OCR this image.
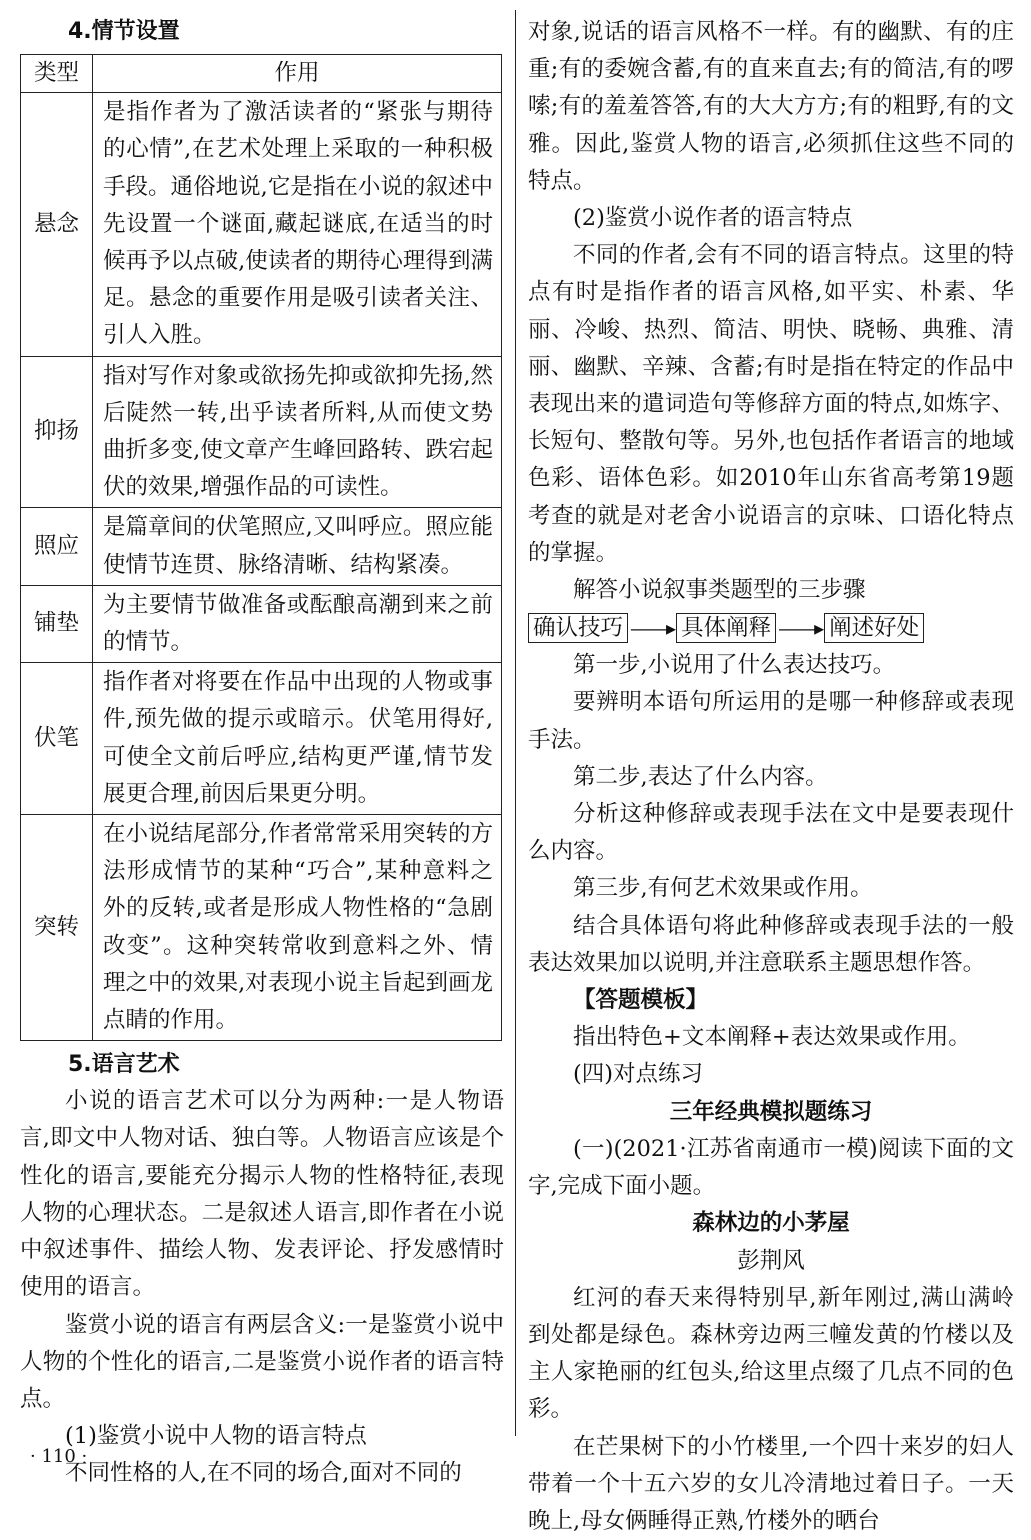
4.情节设置

类型	作用
悬念	是指作者为了激活读者的“紧张与期待的心情”,在艺术处理上采取的一种积极手段。通俗地说,它是指在小说的叙述中先设置一个谜面,藏起谜底,在适当的时候再予以点破,使读者的期待心理得到满足。悬念的重要作用是吸引读者关注、引人入胜。
抑扬	指对写作对象或欲扬先抑或欲抑先扬,然后陡然一转,出乎读者所料,从而使文势曲折多变,使文章产生峰回路转、跌宕起伏的效果,增强作品的可读性。
照应	是篇章间的伏笔照应,又叫呼应。照应能使情节连贯、脉络清晰、结构紧凑。
铺垫	为主要情节做准备或酝酿高潮到来之前的情节。
伏笔	指作者对将要在作品中出现的人物或事件,预先做的提示或暗示。伏笔用得好,可使全文前后呼应,结构更严谨,情节发展更合理,前因后果更分明。
突转	在小说结尾部分,作者常常采用突转的方法形成情节的某种“巧合”,某种意料之外的反转,或者是形成人物性格的“急剧改变”。这种突转常收到意料之外、情理之中的效果,对表现小说主旨起到画龙点睛的作用。

5.语言艺术

小说的语言艺术可以分为两种:一是人物语言,即文中人物对话、独白等。人物语言应该是个性化的语言,要能充分揭示人物的性格特征,表现人物的心理状态。二是叙述人语言,即作者在小说中叙述事件、描绘人物、发表评论、抒发感情时使用的语言。

鉴赏小说的语言有两层含义:一是鉴赏小说中人物的个性化的语言,二是鉴赏小说作者的语言特点。

(1)鉴赏小说中人物的语言特点

不同性格的人,在不同的场合,面对不同的

对象,说话的语言风格不一样。有的幽默、有的庄重;有的委婉含蓄,有的直来直去;有的简洁,有的啰嗦;有的羞羞答答,有的大大方方;有的粗野,有的文雅。因此,鉴赏人物的语言,必须抓住这些不同的特点。

(2)鉴赏小说作者的语言特点

不同的作者,会有不同的语言特点。这里的特点有时是指作者的语言风格,如平实、朴素、华丽、冷峻、热烈、简洁、明快、晓畅、典雅、清丽、幽默、辛辣、含蓄;有时是指在特定的作品中表现出来的遣词造句等修辞方面的特点,如炼字、长短句、整散句等。另外,也包括作者语言的地域色彩、语体色彩。如2010年山东省高考第19题考查的就是对老舍小说语言的京味、口语化特点的掌握。

解答小说叙事类题型的三步骤

确认技巧 ——▸ 具体阐释 ——▸ 阐述好处

第一步,小说用了什么表达技巧。

要辨明本语句所运用的是哪一种修辞或表现手法。

第二步,表达了什么内容。

分析这种修辞或表现手法在文中是要表现什么内容。

第三步,有何艺术效果或作用。

结合具体语句将此种修辞或表现手法的一般表达效果加以说明,并注意联系主题思想作答。

【答题模板】

指出特色+文本阐释+表达效果或作用。

(四)对点练习

三年经典模拟题练习

(一)(2021·江苏省南通市一模)阅读下面的文字,完成下面小题。

森林边的小茅屋

彭荆风

红河的春天来得特别早,新年刚过,满山满岭到处都是绿色。森林旁边两三幢发黄的竹楼以及主人家艳丽的红包头,给这里点缀了几点不同的色彩。

在芒果树下的小竹楼里,一个四十来岁的妇人带着一个十五六岁的女儿冷清地过着日子。一天晚上,母女俩睡得正熟,竹楼外的晒台

· 110 ·
